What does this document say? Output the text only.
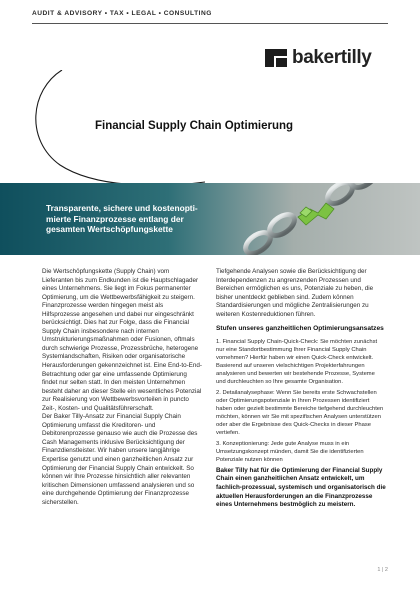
AUDIT & ADVISORY • TAX • LEGAL • CONSULTING
bakertilly
Financial Supply Chain Optimierung
Transparente, sichere und kostenopti-
mierte Finanzprozesse entlang der
gesamten Wertschöpfungskette

Die Wertschöpfungskette (Supply Chain) vom Lieferanten bis zum Endkunden ist die Hauptschlagader eines Unternehmens. Sie liegt im Fokus permanenter Optimierung, um die Wettbewerbsfähigkeit zu steigern. Finanzprozesse werden hingegen meist als Hilfsprozesse angesehen und dabei nur eingeschränkt berücksichtigt. Dies hat zur Folge, dass die Financial Supply Chain insbesondere nach internen Umstrukturierungsmaßnahmen oder Fusionen, oftmals durch schwierige Prozesse, Prozessbrüche, heterogene Systemlandschaften, Risiken oder organisatorische Herausforderungen gekennzeichnet ist. Eine End-to-End-Betrachtung oder gar eine umfassende Optimierung findet nur selten statt. In den meisten Unternehmen besteht daher an dieser Stelle ein wesentliches Potenzial zur Realisierung von Wettbewerbsvorteilen in puncto Zeit-, Kosten- und Qualitätsführerschaft.

Der Baker Tilly-Ansatz zur Financial Supply Chain Optimierung umfasst die Kreditoren- und Debitorenprozesse genauso wie auch die Prozesse des Cash Managements inklusive Berücksichtigung der Finanzdienstleister. Wir haben unsere langjährige Expertise genutzt und einen ganzheitlichen Ansatz zur Optimierung der Financial Supply Chain entwickelt. So können wir Ihre Prozesse hinsichtlich aller relevanten kritischen Dimensionen umfassend analysieren und so eine durchgehende Optimierung der Finanzprozesse sicherstellen.

Tiefgehende Analysen sowie die Berücksichtigung der Interdependenzen zu angrenzenden Prozessen und Bereichen ermöglichen es uns, Potenziale zu heben, die bisher unentdeckt geblieben sind. Zudem können Standardisierungen und mögliche Zentralisierungen zu weiteren Kostenreduktionen führen.

Stufen unseres ganzheitlichen Optimierungsansatzes

1. Financial Supply Chain-Quick-Check: Sie möchten zunächst nur eine Standortbestimmung Ihrer Financial Supply Chain vornehmen? Hierfür haben wir einen Quick-Check entwickelt. Basierend auf unseren vielschichtigen Projekterfahrungen analysieren und bewerten wir bestehende Prozesse, Systeme und durchleuchten so Ihre gesamte Organisation.

2. Detailanalysephase: Wenn Sie bereits erste Schwachstellen oder Optimierungspotenziale in Ihren Prozessen identifiziert haben oder gezielt bestimmte Bereiche tiefgehend durchleuchten möchten, können wir Sie mit spezifischen Analysen unterstützen oder aber die Ergebnisse des Quick-Checks in dieser Phase vertiefen.

3. Konzeptionierung: Jede gute Analyse muss in ein Umsetzungskonzept münden, damit Sie die identifizierten Potenziale nutzen können

Baker Tilly hat für die Optimierung der Financial Supply Chain einen ganzheitlichen Ansatz entwickelt, um fachlich-prozessual, systemisch und organisatorisch die aktuellen Herausforderungen an die Finanzprozesse eines Unternehmens bestmöglich zu meistern.

1 | 2
